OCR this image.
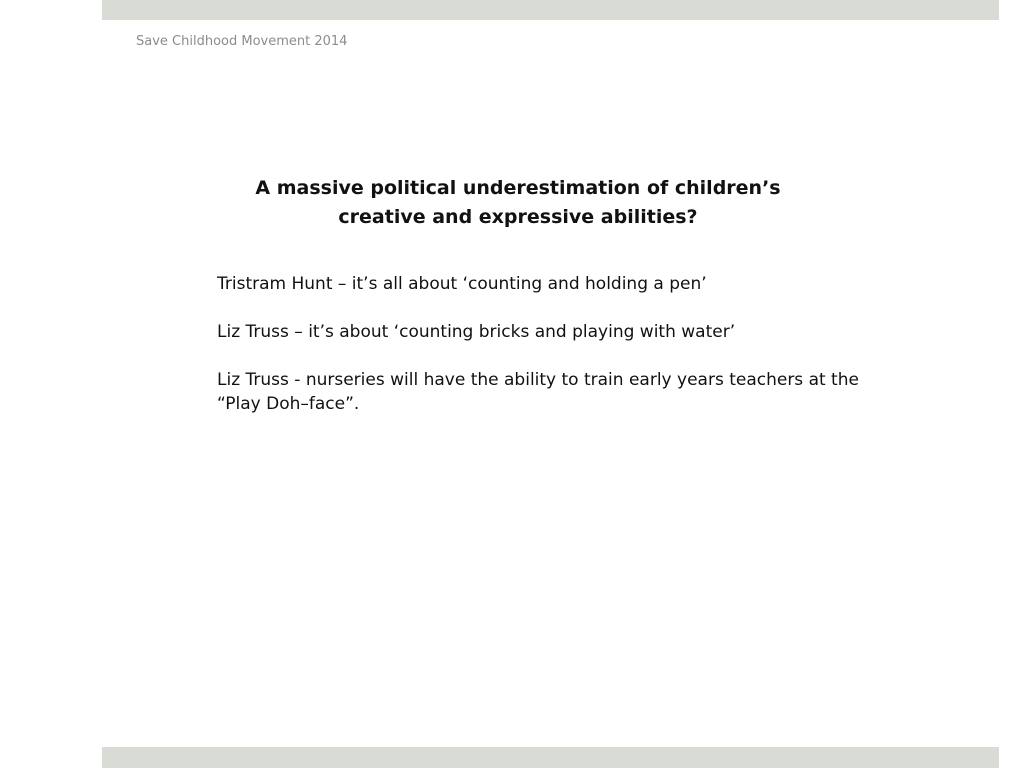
Save Childhood Movement 2014
A massive political underestimation of children’s
creative and expressive abilities?

Tristram Hunt – it’s all about ‘counting and holding a pen’

Liz Truss – it’s about ‘counting bricks and playing with water’

Liz Truss - nurseries will have the ability to train early years teachers at the “Play Doh–face”.
